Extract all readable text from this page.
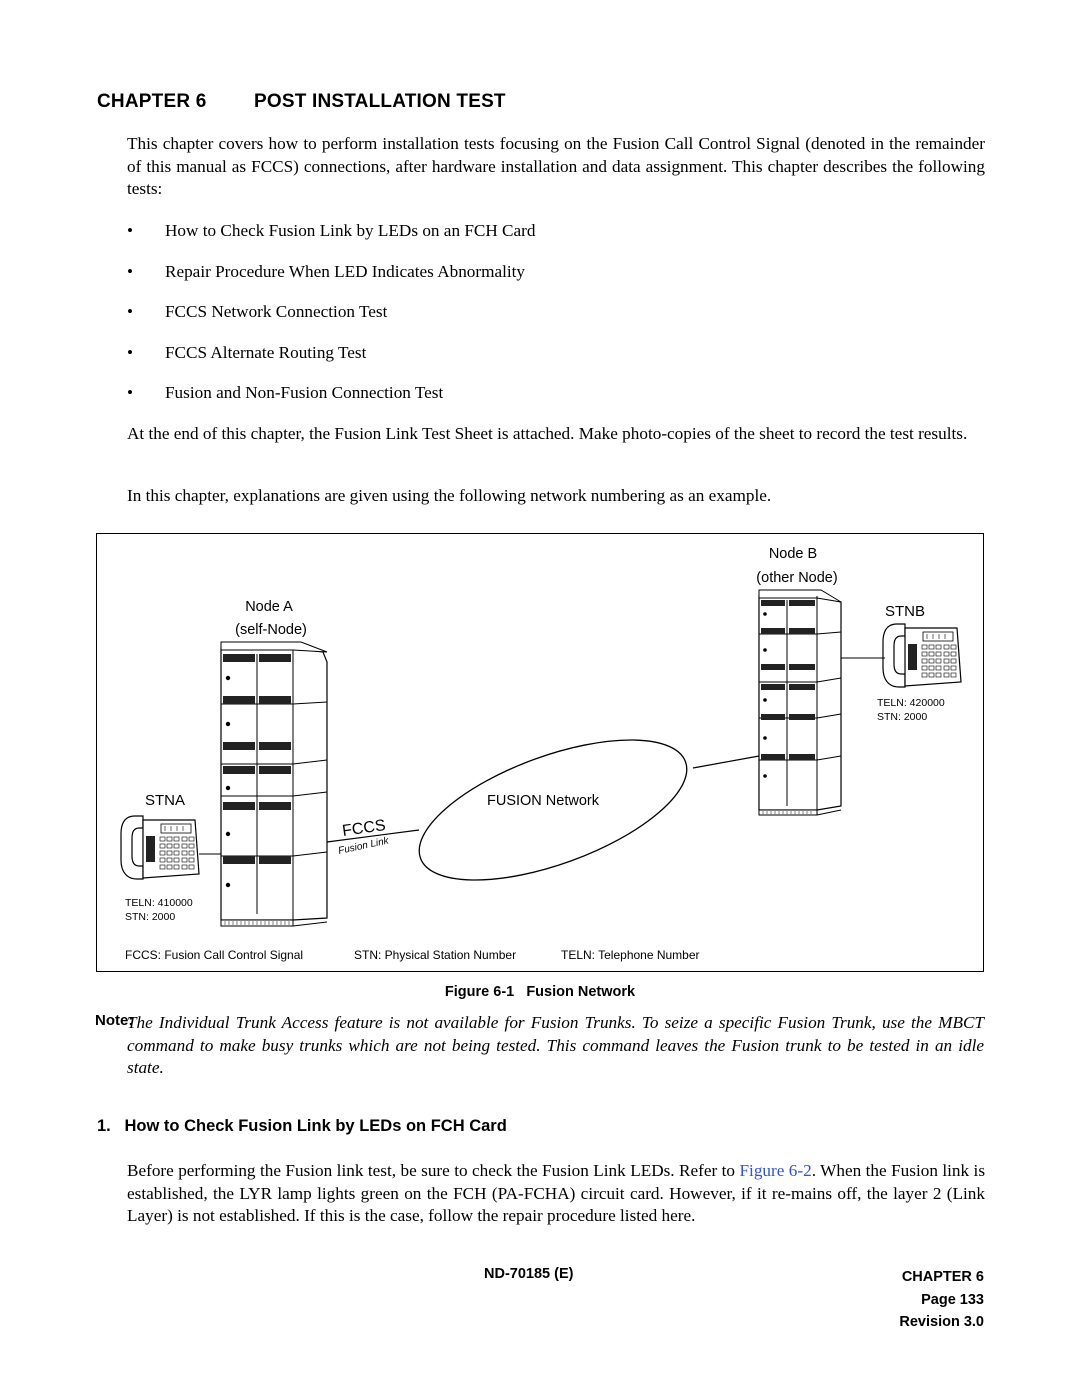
CHAPTER 6	POST INSTALLATION TEST

This chapter covers how to perform installation tests focusing on the Fusion Call Control Signal (denoted in the remainder of this manual as FCCS) connections, after hardware installation and data assignment. This chapter describes the following tests:

• How to Check Fusion Link by LEDs on an FCH Card
• Repair Procedure When LED Indicates Abnormality
• FCCS Network Connection Test
• FCCS Alternate Routing Test
• Fusion and Non-Fusion Connection Test

At the end of this chapter, the Fusion Link Test Sheet is attached. Make photo-copies of the sheet to record the test results.

In this chapter, explanations are given using the following network numbering as an example.

Node A
(self-Node)
STNA
TELN: 410000
STN: 2000
Node B
(other Node)
STNB
TELN: 420000
STN: 2000
FUSION Network
FCCS
Fusion Link
FCCS: Fusion Call Control Signal	STN: Physical Station Number	TELN: Telephone Number
Figure 6-1 Fusion Network
Note:
The Individual Trunk Access feature is not available for Fusion Trunks. To seize a specific Fusion Trunk, use the MBCT command to make busy trunks which are not being tested. This command leaves the Fusion trunk to be tested in an idle state.
1.   How to Check Fusion Link by LEDs on FCH Card

Before performing the Fusion link test, be sure to check the Fusion Link LEDs. Refer to Figure 6-2. When the Fusion link is established, the LYR lamp lights green on the FCH (PA-FCHA) circuit card. However, if it re-mains off, the layer 2 (Link Layer) is not established. If this is the case, follow the repair procedure listed here.

ND-70185 (E)	CHAPTER 6
Page 133
Revision 3.0
